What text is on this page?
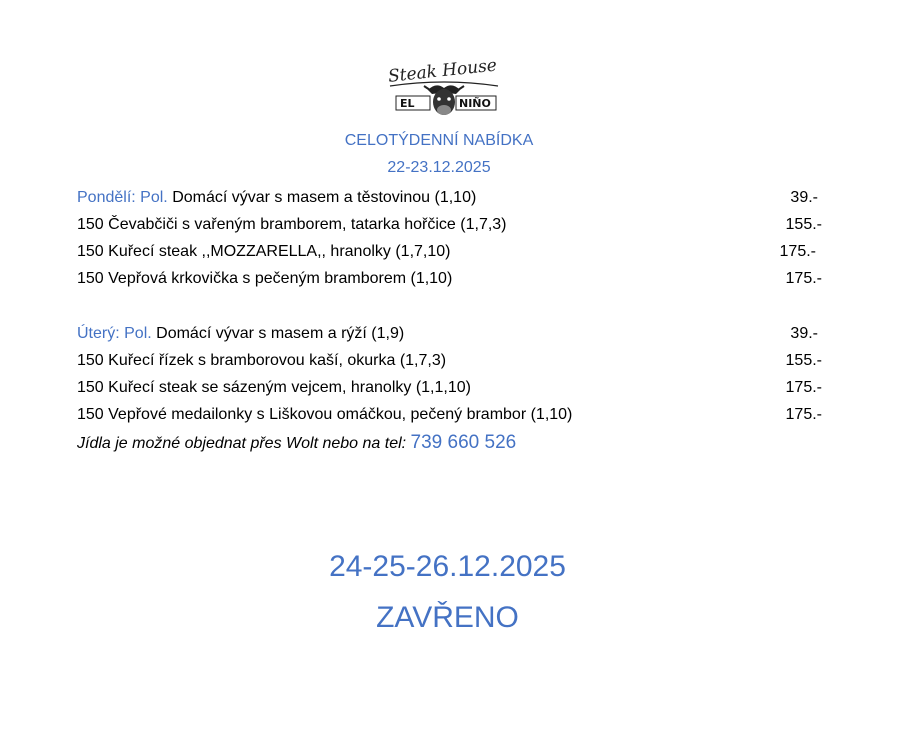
Steak House
EL	NIÑO
CELOTÝDENNÍ NABÍDKA
22-23.12.2025
Pondělí: Pol. Domácí vývar s masem a těstovinou (1,10)	39.-
150 Čevabčiči s vařeným bramborem, tatarka hořčice (1,7,3)	155.-
150 Kuřecí steak ,,MOZZARELLA,, hranolky (1,7,10)	175.-
150 Vepřová krkovička s pečeným bramborem (1,10)	175.-
Úterý: Pol. Domácí vývar s masem a rýží (1,9)	39.-
150 Kuřecí řízek s bramborovou kaší, okurka (1,7,3)	155.-
150 Kuřecí steak se sázeným vejcem, hranolky (1,1,10)	175.-
150 Vepřové medailonky s Liškovou omáčkou, pečený brambor (1,10)	175.-
Jídla je možné objednat přes Wolt nebo na tel: 739 660 526
24-25-26.12.2025
ZAVŘENO
